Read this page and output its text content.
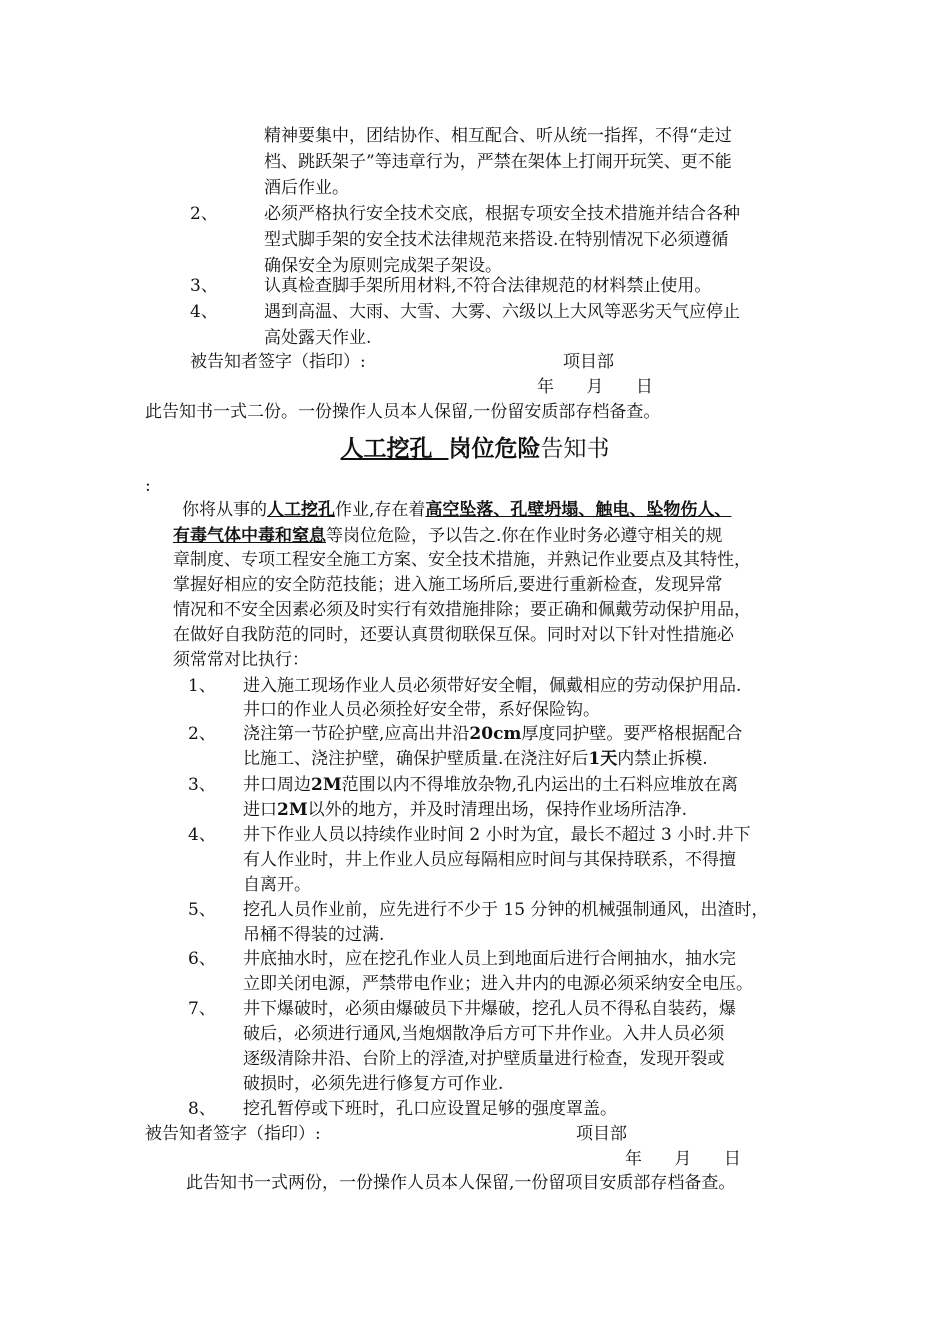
精神要集中，团结协作、相互配合、听从统一指挥，不得“走过
档、跳跃架子”等违章行为，严禁在架体上打闹开玩笑、更不能
酒后作业。
2、	必须严格执行安全技术交底，根据专项安全技术措施并结合各种
型式脚手架的安全技术法律规范来搭设.在特别情况下必须遵循
确保安全为原则完成架子架设。
3、	认真检查脚手架所用材料,不符合法律规范的材料禁止使用。
4、	遇到高温、大雨、大雪、大雾、六级以上大风等恶劣天气应停止
高处露天作业.
被告知者签字（指印）:	项目部
年      月      日
此告知书一式二份。一份操作人员本人保留,一份留安质部存档备查。
人工挖孔  岗位危险告知书
:
你将从事的人工挖孔作业,存在着高空坠落、孔壁坍塌、触电、坠物伤人、
有毒气体中毒和窒息等岗位危险，予以告之.你在作业时务必遵守相关的规
章制度、专项工程安全施工方案、安全技术措施，并熟记作业要点及其特性，
掌握好相应的安全防范技能；进入施工场所后,要进行重新检查，发现异常
情况和不安全因素必须及时实行有效措施排除；要正确和佩戴劳动保护用品，
在做好自我防范的同时，还要认真贯彻联保互保。同时对以下针对性措施必
须常常对比执行：
1、 进入施工现场作业人员必须带好安全帽，佩戴相应的劳动保护用品.
井口的作业人员必须拴好安全带，系好保险钩。
2、 浇注第一节砼护壁,应高出井沿20cm厚度同护壁。要严格根据配合
比施工、浇注护壁，确保护壁质量.在浇注好后1天内禁止拆模.
3、 井口周边2M范围以内不得堆放杂物,孔内运出的土石料应堆放在离
进口2M以外的地方，并及时清理出场，保持作业场所洁净.
4、 井下作业人员以持续作业时间 2 小时为宜，最长不超过 3 小时.井下
有人作业时，井上作业人员应每隔相应时间与其保持联系，不得擅
自离开。
5、 挖孔人员作业前，应先进行不少于 15 分钟的机械强制通风，出渣时，
吊桶不得装的过满.
6、 井底抽水时，应在挖孔作业人员上到地面后进行合闸抽水，抽水完
立即关闭电源，严禁带电作业；进入井内的电源必须采纳安全电压。
7、 井下爆破时，必须由爆破员下井爆破，挖孔人员不得私自装药，爆
破后，必须进行通风,当炮烟散净后方可下井作业。入井人员必须
逐级清除井沿、台阶上的浮渣,对护壁质量进行检查，发现开裂或
破损时，必须先进行修复方可作业.
8、 挖孔暂停或下班时，孔口应设置足够的强度罩盖。
被告知者签字（指印）:	项目部
年      月      日
此告知书一式两份，一份操作人员本人保留,一份留项目安质部存档备查。
